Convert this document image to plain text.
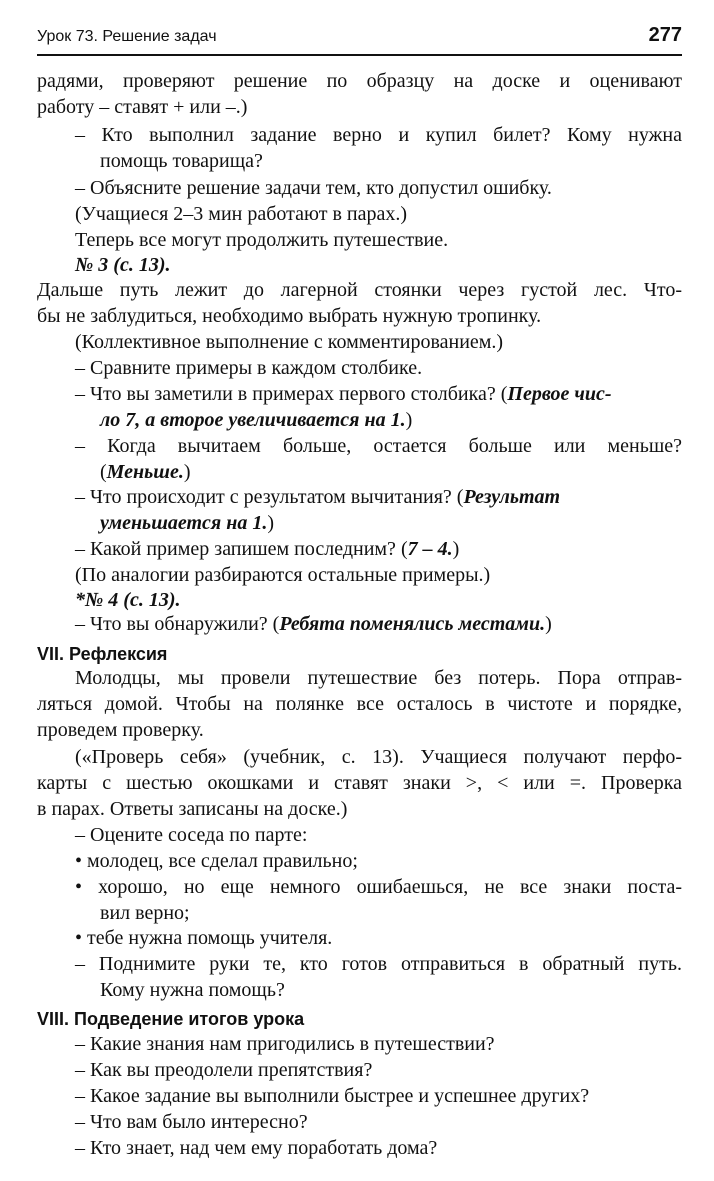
Урок 73. Решение задач	277
радями, проверяют решение по образцу на доске и оценивают
работу – ставят + или –.)
– Кто выполнил задание верно и купил билет? Кому нужна
помощь товарища?
– Объясните решение задачи тем, кто допустил ошибку.
(Учащиеся 2–3 мин работают в парах.)
Теперь все могут продолжить путешествие.
№ 3 (с. 13).
Дальше путь лежит до лагерной стоянки через густой лес. Что-
бы не заблудиться, необходимо выбрать нужную тропинку.
(Коллективное выполнение с комментированием.)
– Сравните примеры в каждом столбике.
– Что вы заметили в примерах первого столбика? (Первое чис-
ло 7, а второе увеличивается на 1.)
– Когда вычитаем больше, остается больше или меньше?
(Меньше.)
– Что происходит с результатом вычитания? (Результат
уменьшается на 1.)
– Какой пример запишем последним? (7 – 4.)
(По аналогии разбираются остальные примеры.)
*№ 4 (с. 13).
– Что вы обнаружили? (Ребята поменялись местами.)
VII. Рефлексия
Молодцы, мы провели путешествие без потерь. Пора отправ-
ляться домой. Чтобы на полянке все осталось в чистоте и порядке,
проведем проверку.
(«Проверь себя» (учебник, с. 13). Учащиеся получают перфо-
карты с шестью окошками и ставят знаки >, < или =. Проверка
в парах. Ответы записаны на доске.)
– Оцените соседа по парте:
• молодец, все сделал правильно;
• хорошо, но еще немного ошибаешься, не все знаки поста-
вил верно;
• тебе нужна помощь учителя.
– Поднимите руки те, кто готов отправиться в обратный путь.
Кому нужна помощь?
VIII. Подведение итогов урока
– Какие знания нам пригодились в путешествии?
– Как вы преодолели препятствия?
– Какое задание вы выполнили быстрее и успешнее других?
– Что вам было интересно?
– Кто знает, над чем ему поработать дома?
